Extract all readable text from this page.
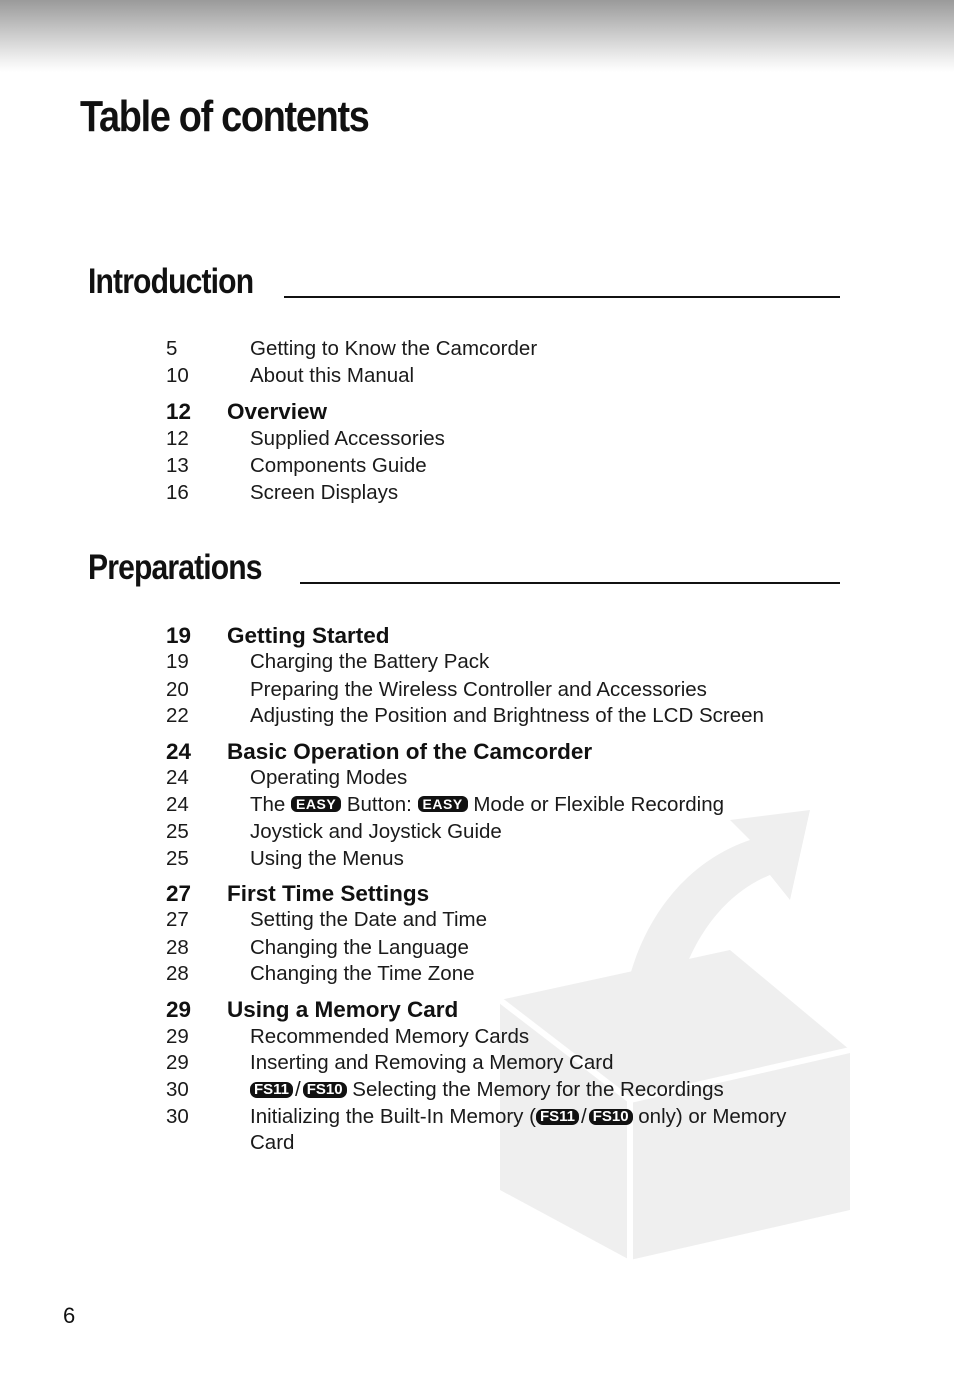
Table of contents
Introduction
5	Getting to Know the Camcorder
10	About this Manual
12 Overview
12	Supplied Accessories
13	Components Guide
16	Screen Displays
Preparations
19 Getting Started
19	Charging the Battery Pack
20	Preparing the Wireless Controller and Accessories
22	Adjusting the Position and Brightness of the LCD Screen
24 Basic Operation of the Camcorder
24	Operating Modes
24	The EASY Button: EASY Mode or Flexible Recording
25	Joystick and Joystick Guide
25	Using the Menus
27 First Time Settings
27	Setting the Date and Time
28	Changing the Language
28	Changing the Time Zone
29 Using a Memory Card
29	Recommended Memory Cards
29	Inserting and Removing a Memory Card
30	FS11 / FS10 Selecting the Memory for the Recordings
30	Initializing the Built-In Memory ( FS11 / FS10 only) or Memory
Card
6
